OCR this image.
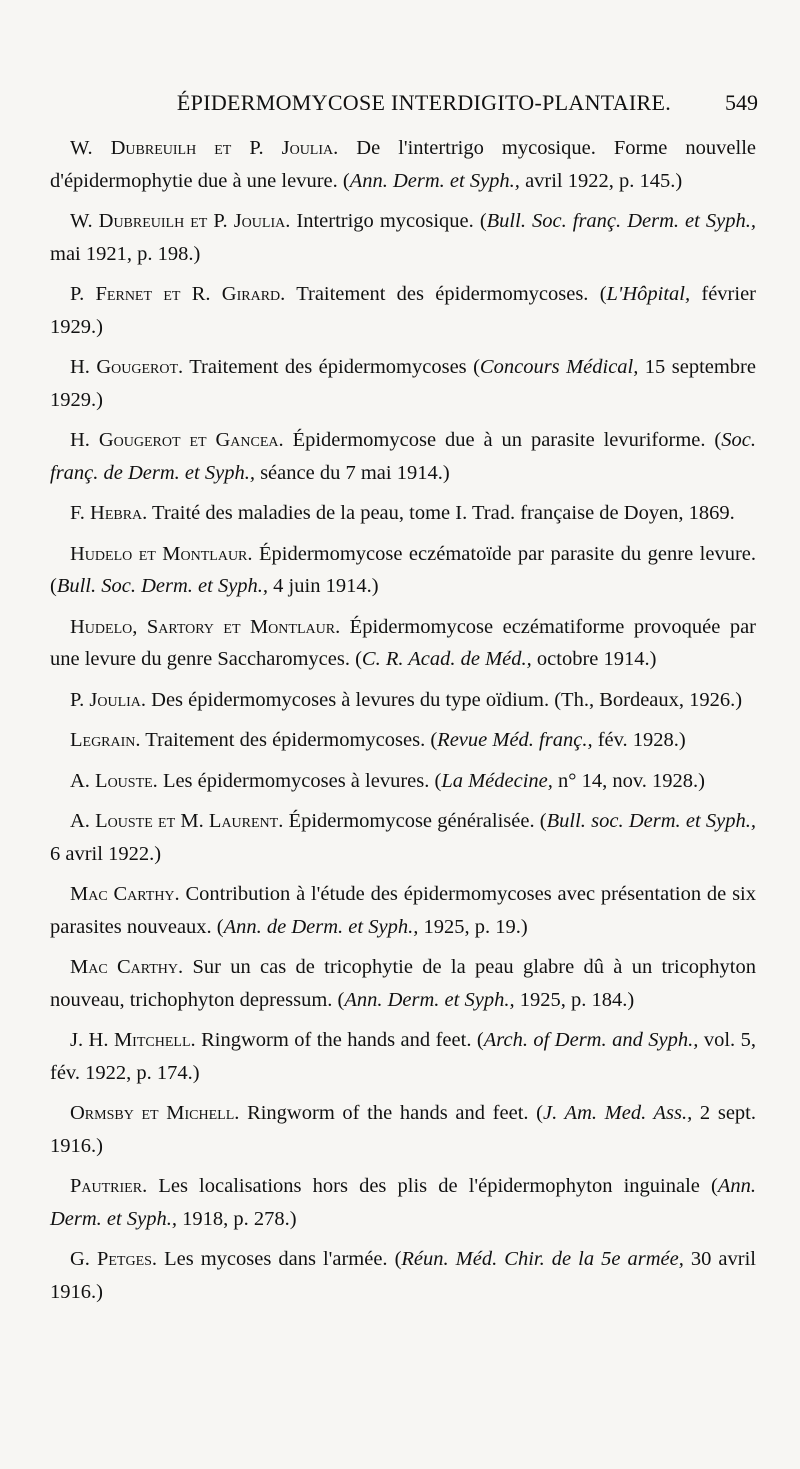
ÉPIDERMOMYCOSE INTERDIGITO-PLANTAIRE.	549

W. Dubreuilh et P. Joulia. De l'intertrigo mycosique. Forme nouvelle d'épidermophytie due à une levure. (Ann. Derm. et Syph., avril 1922, p. 145.)

W. Dubreuilh et P. Joulia. Intertrigo mycosique. (Bull. Soc. franç. Derm. et Syph., mai 1921, p. 198.)

P. Fernet et R. Girard. Traitement des épidermomycoses. (L'Hôpital, février 1929.)

H. Gougerot. Traitement des épidermomycoses (Concours Médical, 15 septembre 1929.)

H. Gougerot et Gancea. Épidermomycose due à un parasite levuriforme. (Soc. franç. de Derm. et Syph., séance du 7 mai 1914.)

F. Hebra. Traité des maladies de la peau, tome I. Trad. française de Doyen, 1869.

Hudelo et Montlaur. Épidermomycose eczématoïde par parasite du genre levure. (Bull. Soc. Derm. et Syph., 4 juin 1914.)

Hudelo, Sartory et Montlaur. Épidermomycose eczématiforme provoquée par une levure du genre Saccharomyces. (C. R. Acad. de Méd., octobre 1914.)

P. Joulia. Des épidermomycoses à levures du type oïdium. (Th., Bordeaux, 1926.)

Legrain. Traitement des épidermomycoses. (Revue Méd. franç., fév. 1928.)

A. Louste. Les épidermomycoses à levures. (La Médecine, n° 14, nov. 1928.)

A. Louste et M. Laurent. Épidermomycose généralisée. (Bull. soc. Derm. et Syph., 6 avril 1922.)

Mac Carthy. Contribution à l'étude des épidermomycoses avec présentation de six parasites nouveaux. (Ann. de Derm. et Syph., 1925, p. 19.)

Mac Carthy. Sur un cas de tricophytie de la peau glabre dû à un tricophyton nouveau, trichophyton depressum. (Ann. Derm. et Syph., 1925, p. 184.)

J. H. Mitchell. Ringworm of the hands and feet. (Arch. of Derm. and Syph., vol. 5, fév. 1922, p. 174.)

Ormsby et Michell. Ringworm of the hands and feet. (J. Am. Med. Ass., 2 sept. 1916.)

Pautrier. Les localisations hors des plis de l'épidermophyton inguinale (Ann. Derm. et Syph., 1918, p. 278.)

G. Petges. Les mycoses dans l'armée. (Réun. Méd. Chir. de la 5e armée, 30 avril 1916.)
